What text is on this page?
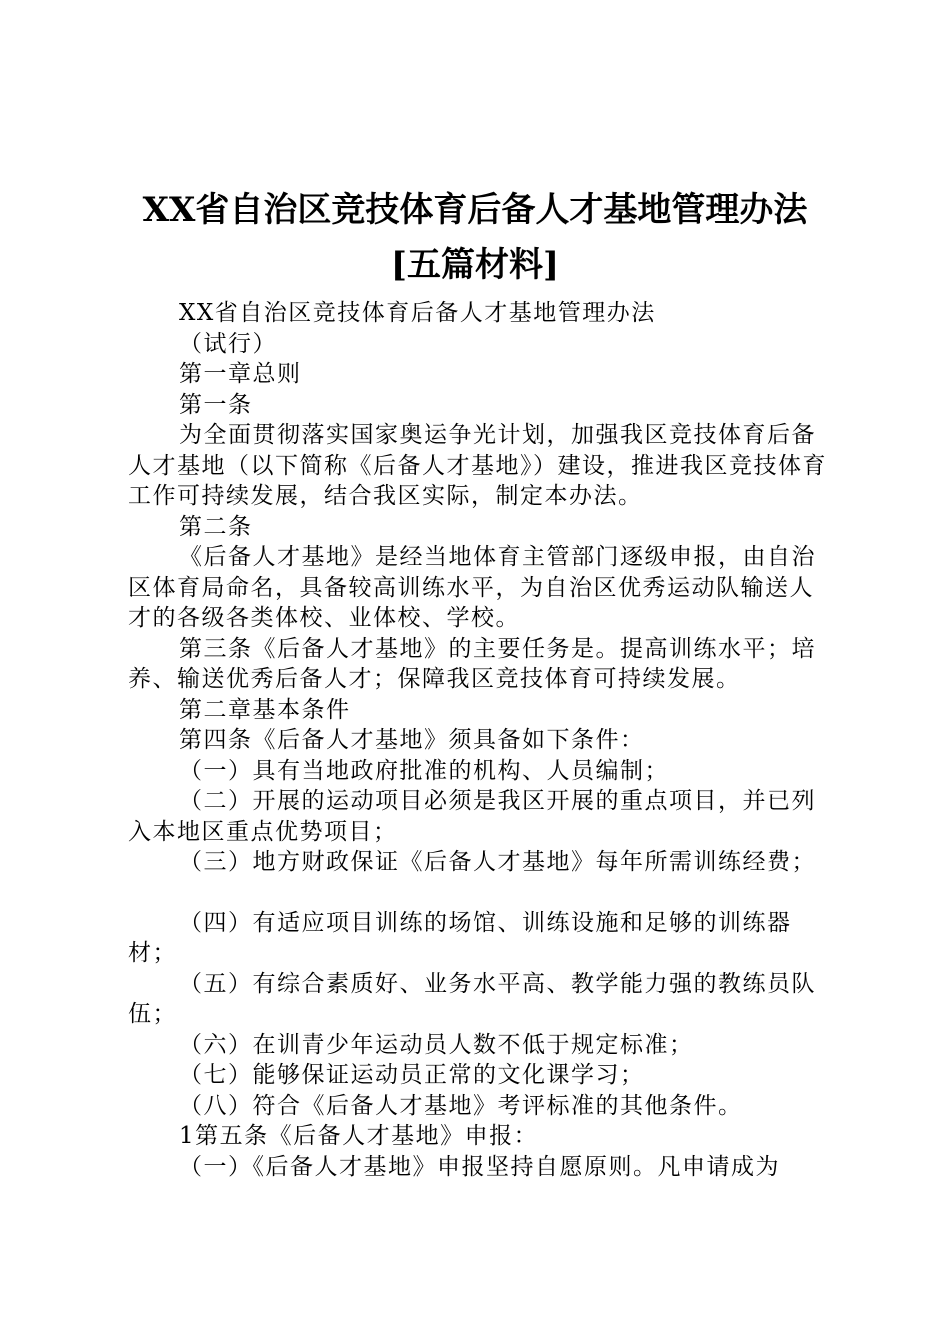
XX省自治区竞技体育后备人才基地管理办法
[五篇材料]

XX省自治区竞技体育后备人才基地管理办法

（试行）

第一章总则

第一条

为全面贯彻落实国家奥运争光计划，加强我区竞技体育后备人才基地（以下简称《后备人才基地》）建设，推进我区竞技体育工作可持续发展，结合我区实际，制定本办法。

第二条

《后备人才基地》是经当地体育主管部门逐级申报，由自治区体育局命名，具备较高训练水平，为自治区优秀运动队输送人才的各级各类体校、业体校、学校。

第三条《后备人才基地》的主要任务是。提高训练水平；培养、输送优秀后备人才；保障我区竞技体育可持续发展。

第二章基本条件

第四条《后备人才基地》须具备如下条件：

（一）具有当地政府批准的机构、人员编制；

（二）开展的运动项目必须是我区开展的重点项目，并已列入本地区重点优势项目；

（三）地方财政保证《后备人才基地》每年所需训练经费；

（四）有适应项目训练的场馆、训练设施和足够的训练器材；

（五）有综合素质好、业务水平高、教学能力强的教练员队伍；

（六）在训青少年运动员人数不低于规定标准；

（七）能够保证运动员正常的文化课学习；

（八）符合《后备人才基地》考评标准的其他条件。

1第五条《后备人才基地》申报：

（一）《后备人才基地》申报坚持自愿原则。凡申请成为
